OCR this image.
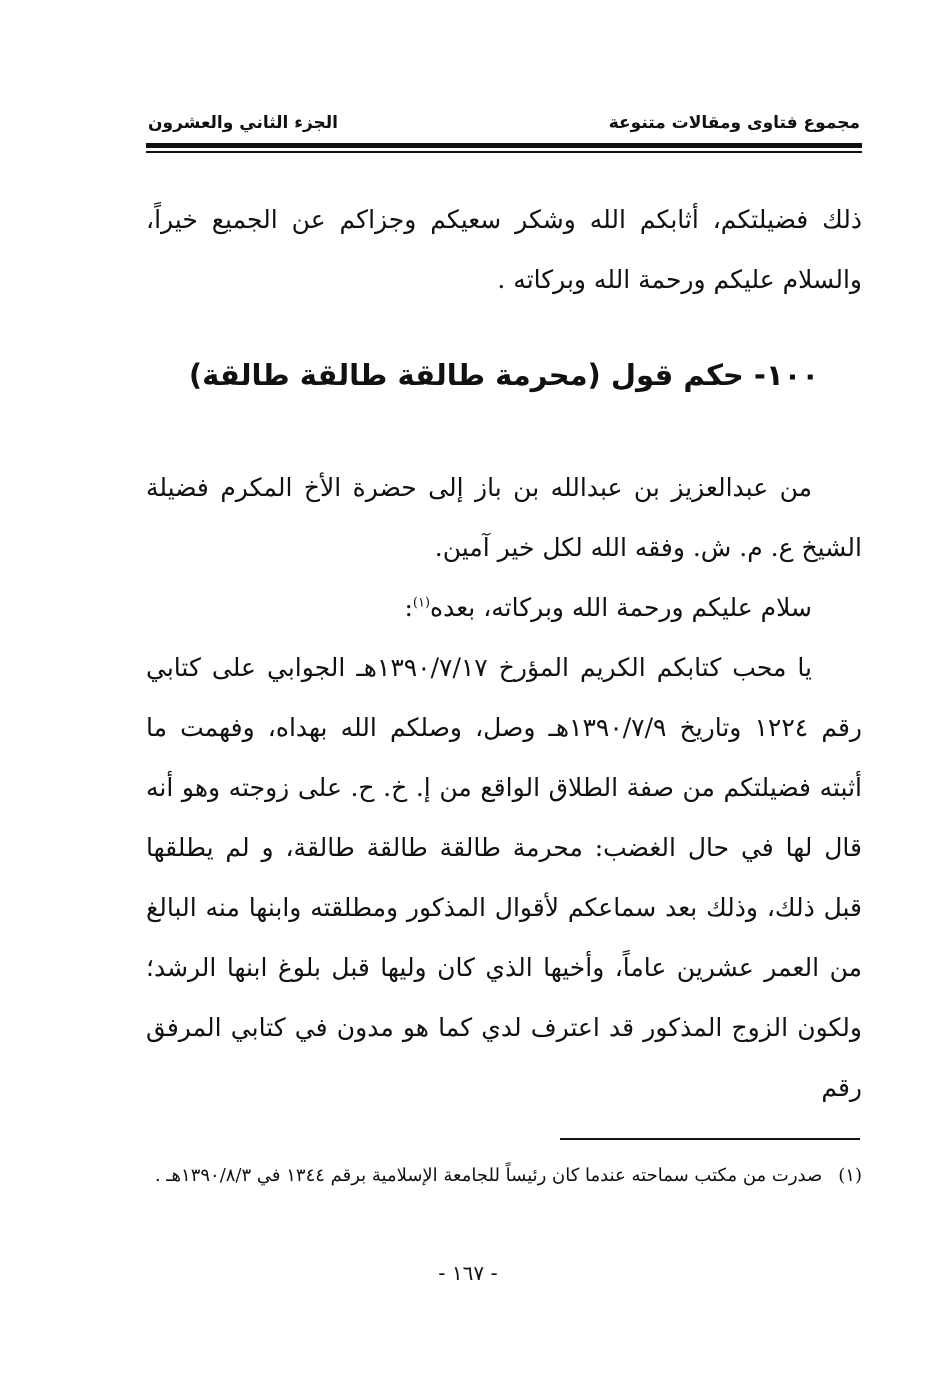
مجموع فتاوى ومقالات متنوعة
الجزء الثاني والعشرون

ذلك فضيلتكم، أثابكم الله وشكر سعيكم وجزاكم عن الجميع خيراً، والسلام عليكم ورحمة الله وبركاته .

١٠٠- حكم قول (محرمة طالقة طالقة طالقة)

من عبدالعزيز بن عبدالله بن باز إلى حضرة الأخ المكرم فضيلة الشيخ ع. م. ش. وفقه الله لكل خير آمين.

سلام عليكم ورحمة الله وبركاته، بعده$^{(١)}$:

يا محب كتابكم الكريم المؤرخ ١٣٩٠/٧/١٧هـ الجوابي على كتابي رقم ١٢٢٤ وتاريخ ١٣٩٠/٧/٩هـ وصل، وصلكم الله بهداه، وفهمت ما أثبته فضيلتكم من صفة الطلاق الواقع من إ. خ. ح. على زوجته وهو أنه قال لها في حال الغضب: محرمة طالقة طالقة طالقة، و لم يطلقها قبل ذلك، وذلك بعد سماعكم لأقوال المذكور ومطلقته وابنها منه البالغ من العمر عشرين عاماً، وأخيها الذي كان وليها قبل بلوغ ابنها الرشد؛ ولكون الزوج المذكور قد اعترف لدي كما هو مدون في كتابي المرفق رقم

(١)
صدرت من مكتب سماحته عندما كان رئيساً للجامعة الإسلامية برقم ١٣٤٤ في ١٣٩٠/٨/٣هـ .
- ١٦٧ -
